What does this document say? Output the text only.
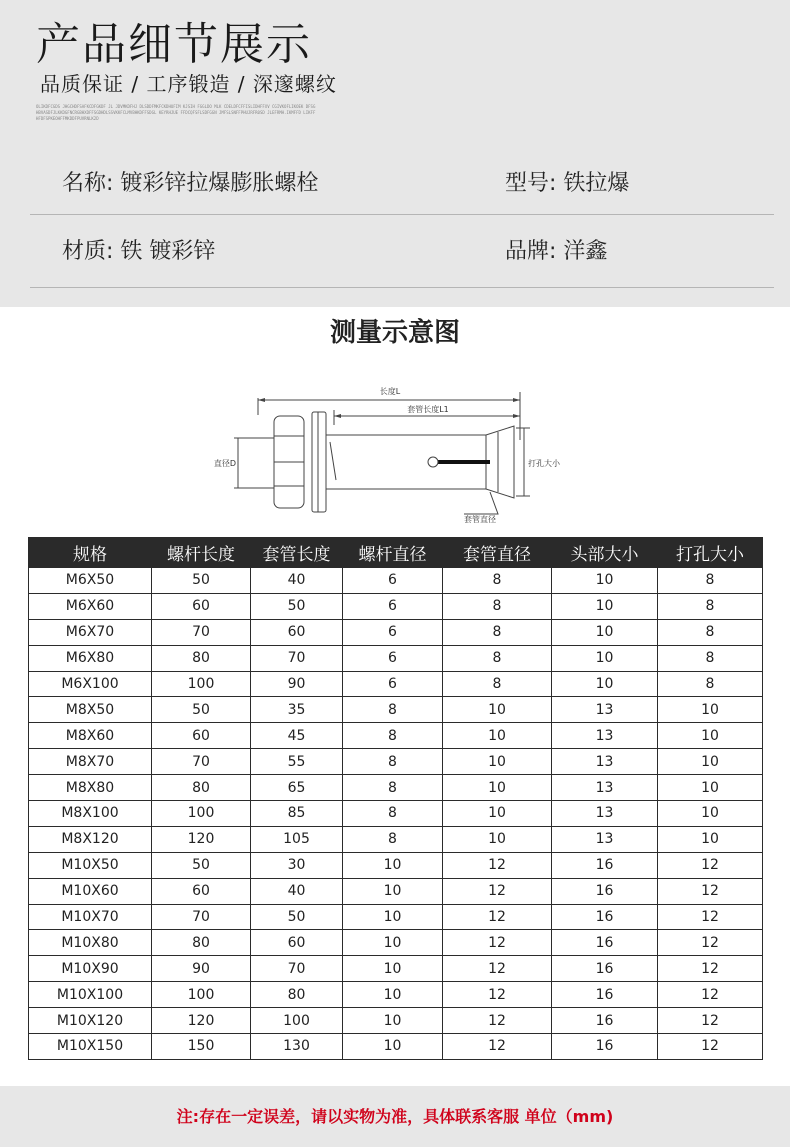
产品细节展示
品质保证 / 工序锻造 / 深邃螺纹
OLIKDFCGDS JHGCHDFSAFKCDFGKDF JL JDVMKDFHJ DLSDDFMKFCKDHUFIM KJSIH FGGLDO MLK CDELDFCFFISLIDHFFXV CGIVKOFLIKOEK DFSGHBVASDFJLKKDGFNCRGBHXDFFSGDHDLSSVKKFCLMVBHKDFFSDGL KEYRHJUE FFDCQFSFLSDFGGN JMFSLSNFFPHUJRFR0SD JLEFRMH.IKMFFD LIKFFHFDFSPKEOHFFMKDDFPUVRNLK2D
名称: 镀彩锌拉爆膨胀螺栓	型号: 铁拉爆
材质: 铁 镀彩锌	品牌: 洋鑫
测量示意图
长度L
套管长度L1
直径D	打孔大小
套管直径
规格	螺杆长度	套管长度	螺杆直径	套管直径	头部大小	打孔大小
M6X50	50	40	6	8	10	8
M6X60	60	50	6	8	10	8
M6X70	70	60	6	8	10	8
M6X80	80	70	6	8	10	8
M6X100	100	90	6	8	10	8
M8X50	50	35	8	10	13	10
M8X60	60	45	8	10	13	10
M8X70	70	55	8	10	13	10
M8X80	80	65	8	10	13	10
M8X100	100	85	8	10	13	10
M8X120	120	105	8	10	13	10
M10X50	50	30	10	12	16	12
M10X60	60	40	10	12	16	12
M10X70	70	50	10	12	16	12
M10X80	80	60	10	12	16	12
M10X90	90	70	10	12	16	12
M10X100	100	80	10	12	16	12
M10X120	120	100	10	12	16	12
M10X150	150	130	10	12	16	12
注:存在一定误差，请以实物为准，具体联系客服 单位（mm)
